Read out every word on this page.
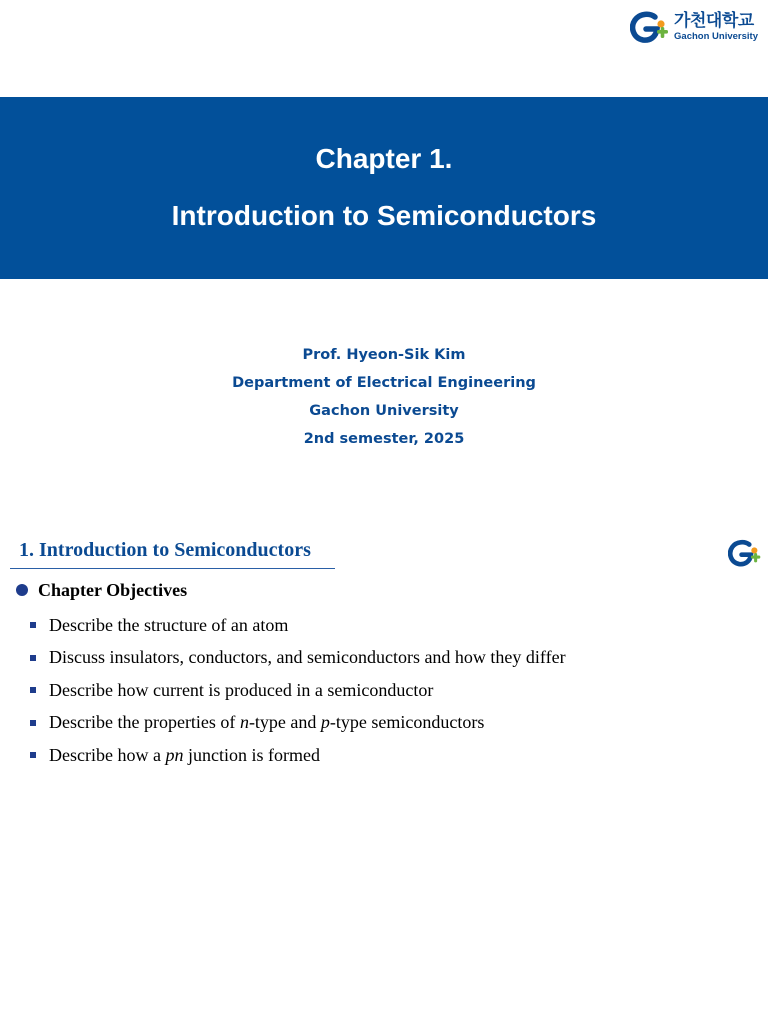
가천대학교
Gachon University
Chapter 1.
Introduction to Semiconductors
Prof. Hyeon-Sik Kim
Department of Electrical Engineering
Gachon University
2nd semester, 2025
1. Introduction to Semiconductors
Chapter Objectives
Describe the structure of an atom
Discuss insulators, conductors, and semiconductors and how they differ
Describe how current is produced in a semiconductor
Describe the properties of n-type and p-type semiconductors
Describe how a pn junction is formed
